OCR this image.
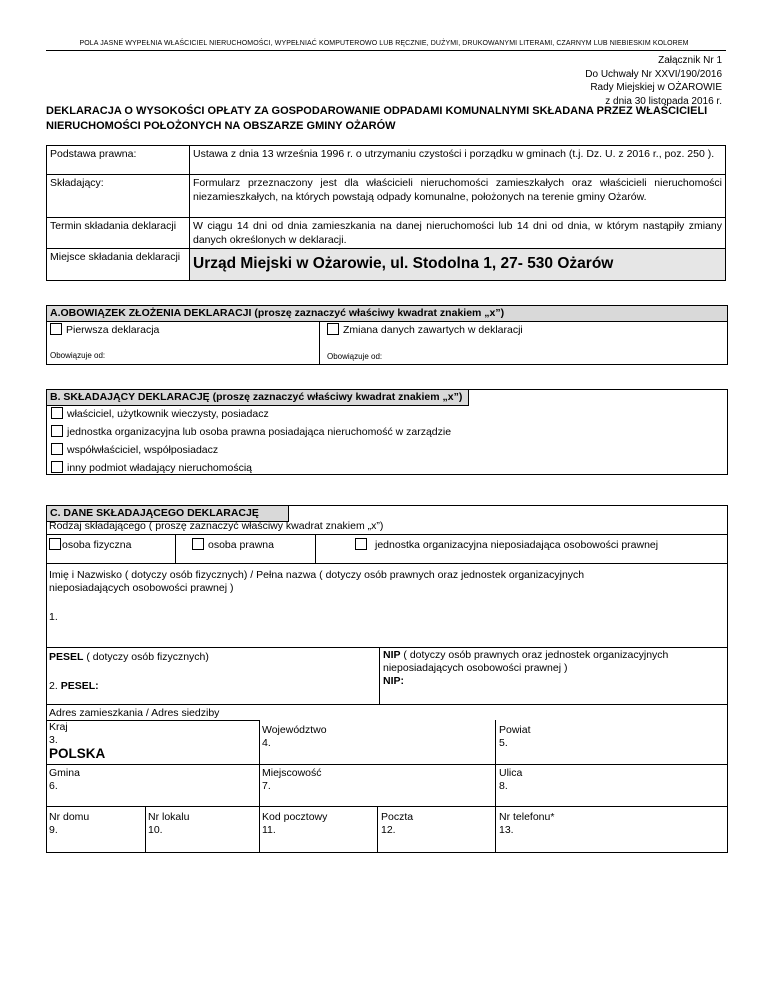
POLA JASNE WYPEŁNIA WŁAŚCICIEL NIERUCHOMOŚCI, WYPEŁNIAĆ KOMPUTEROWO LUB RĘCZNIE, DUŻYMI, DRUKOWANYMI LITERAMI, CZARNYM LUB NIEBIESKIM KOLOREM
Załącznik Nr 1
Do Uchwały Nr XXVI/190/2016
Rady Miejskiej w OŻAROWIE
z dnia 30 listopada 2016 r.
DEKLARACJA O WYSOKOŚCI OPŁATY ZA GOSPODAROWANIE ODPADAMI KOMUNALNYMI SKŁADANA PRZEZ WŁAŚCICIELI NIERUCHOMOŚCI POŁOŻONYCH NA OBSZARZE GMINY OŻARÓW
Podstawa prawna:	Ustawa z dnia 13 września 1996 r. o utrzymaniu czystości i porządku w gminach (t.j. Dz. U. z 2016 r., poz. 250 ).
Składający:	Formularz przeznaczony jest dla właścicieli nieruchomości zamieszkałych oraz właścicieli nieruchomości niezamieszkałych, na których powstają odpady komunalne, położonych na terenie gminy Ożarów.
Termin składania deklaracji	W ciągu 14 dni od dnia zamieszkania na danej nieruchomości lub 14 dni od dnia, w którym nastąpiły zmiany danych określonych w deklaracji.
Miejsce składania deklaracji	Urząd Miejski w Ożarowie, ul. Stodolna 1, 27- 530 Ożarów
A.OBOWIĄZEK ZŁOŻENIA DEKLARACJI (proszę zaznaczyć właściwy kwadrat znakiem „x”)
Pierwsza deklaracja	Zmiana danych zawartych w deklaracji
Obowiązuje od:	Obowiązuje od:
B. SKŁADAJĄCY DEKLARACJĘ (proszę zaznaczyć właściwy kwadrat znakiem „x”)
właściciel, użytkownik wieczysty, posiadacz
jednostka organizacyjna lub osoba prawna posiadająca nieruchomość w zarządzie
współwłaściciel, współposiadacz
inny podmiot władający nieruchomością
C. DANE SKŁADAJĄCEGO DEKLARACJĘ
Rodzaj składającego ( proszę zaznaczyć właściwy kwadrat znakiem „x”)
osoba fizyczna	osoba prawna	jednostka organizacyjna nieposiadająca osobowości prawnej
Imię i Nazwisko ( dotyczy osób fizycznych) / Pełna nazwa ( dotyczy osób prawnych oraz jednostek organizacyjnych
nieposiadających osobowości prawnej )
1.
PESEL ( dotyczy osób fizycznych)
2. PESEL:
NIP ( dotyczy osób prawnych oraz jednostek organizacyjnych
nieposiadających osobowości prawnej )
NIP:
Adres zamieszkania / Adres siedziby
Kraj
3.
POLSKA
Województwo
4.
Powiat
5.
Gmina
6.
Miejscowość
7.
Ulica
8.
Nr domu
9.
Nr lokalu
10.
Kod pocztowy
11.
Poczta
12.
Nr telefonu*
13.
